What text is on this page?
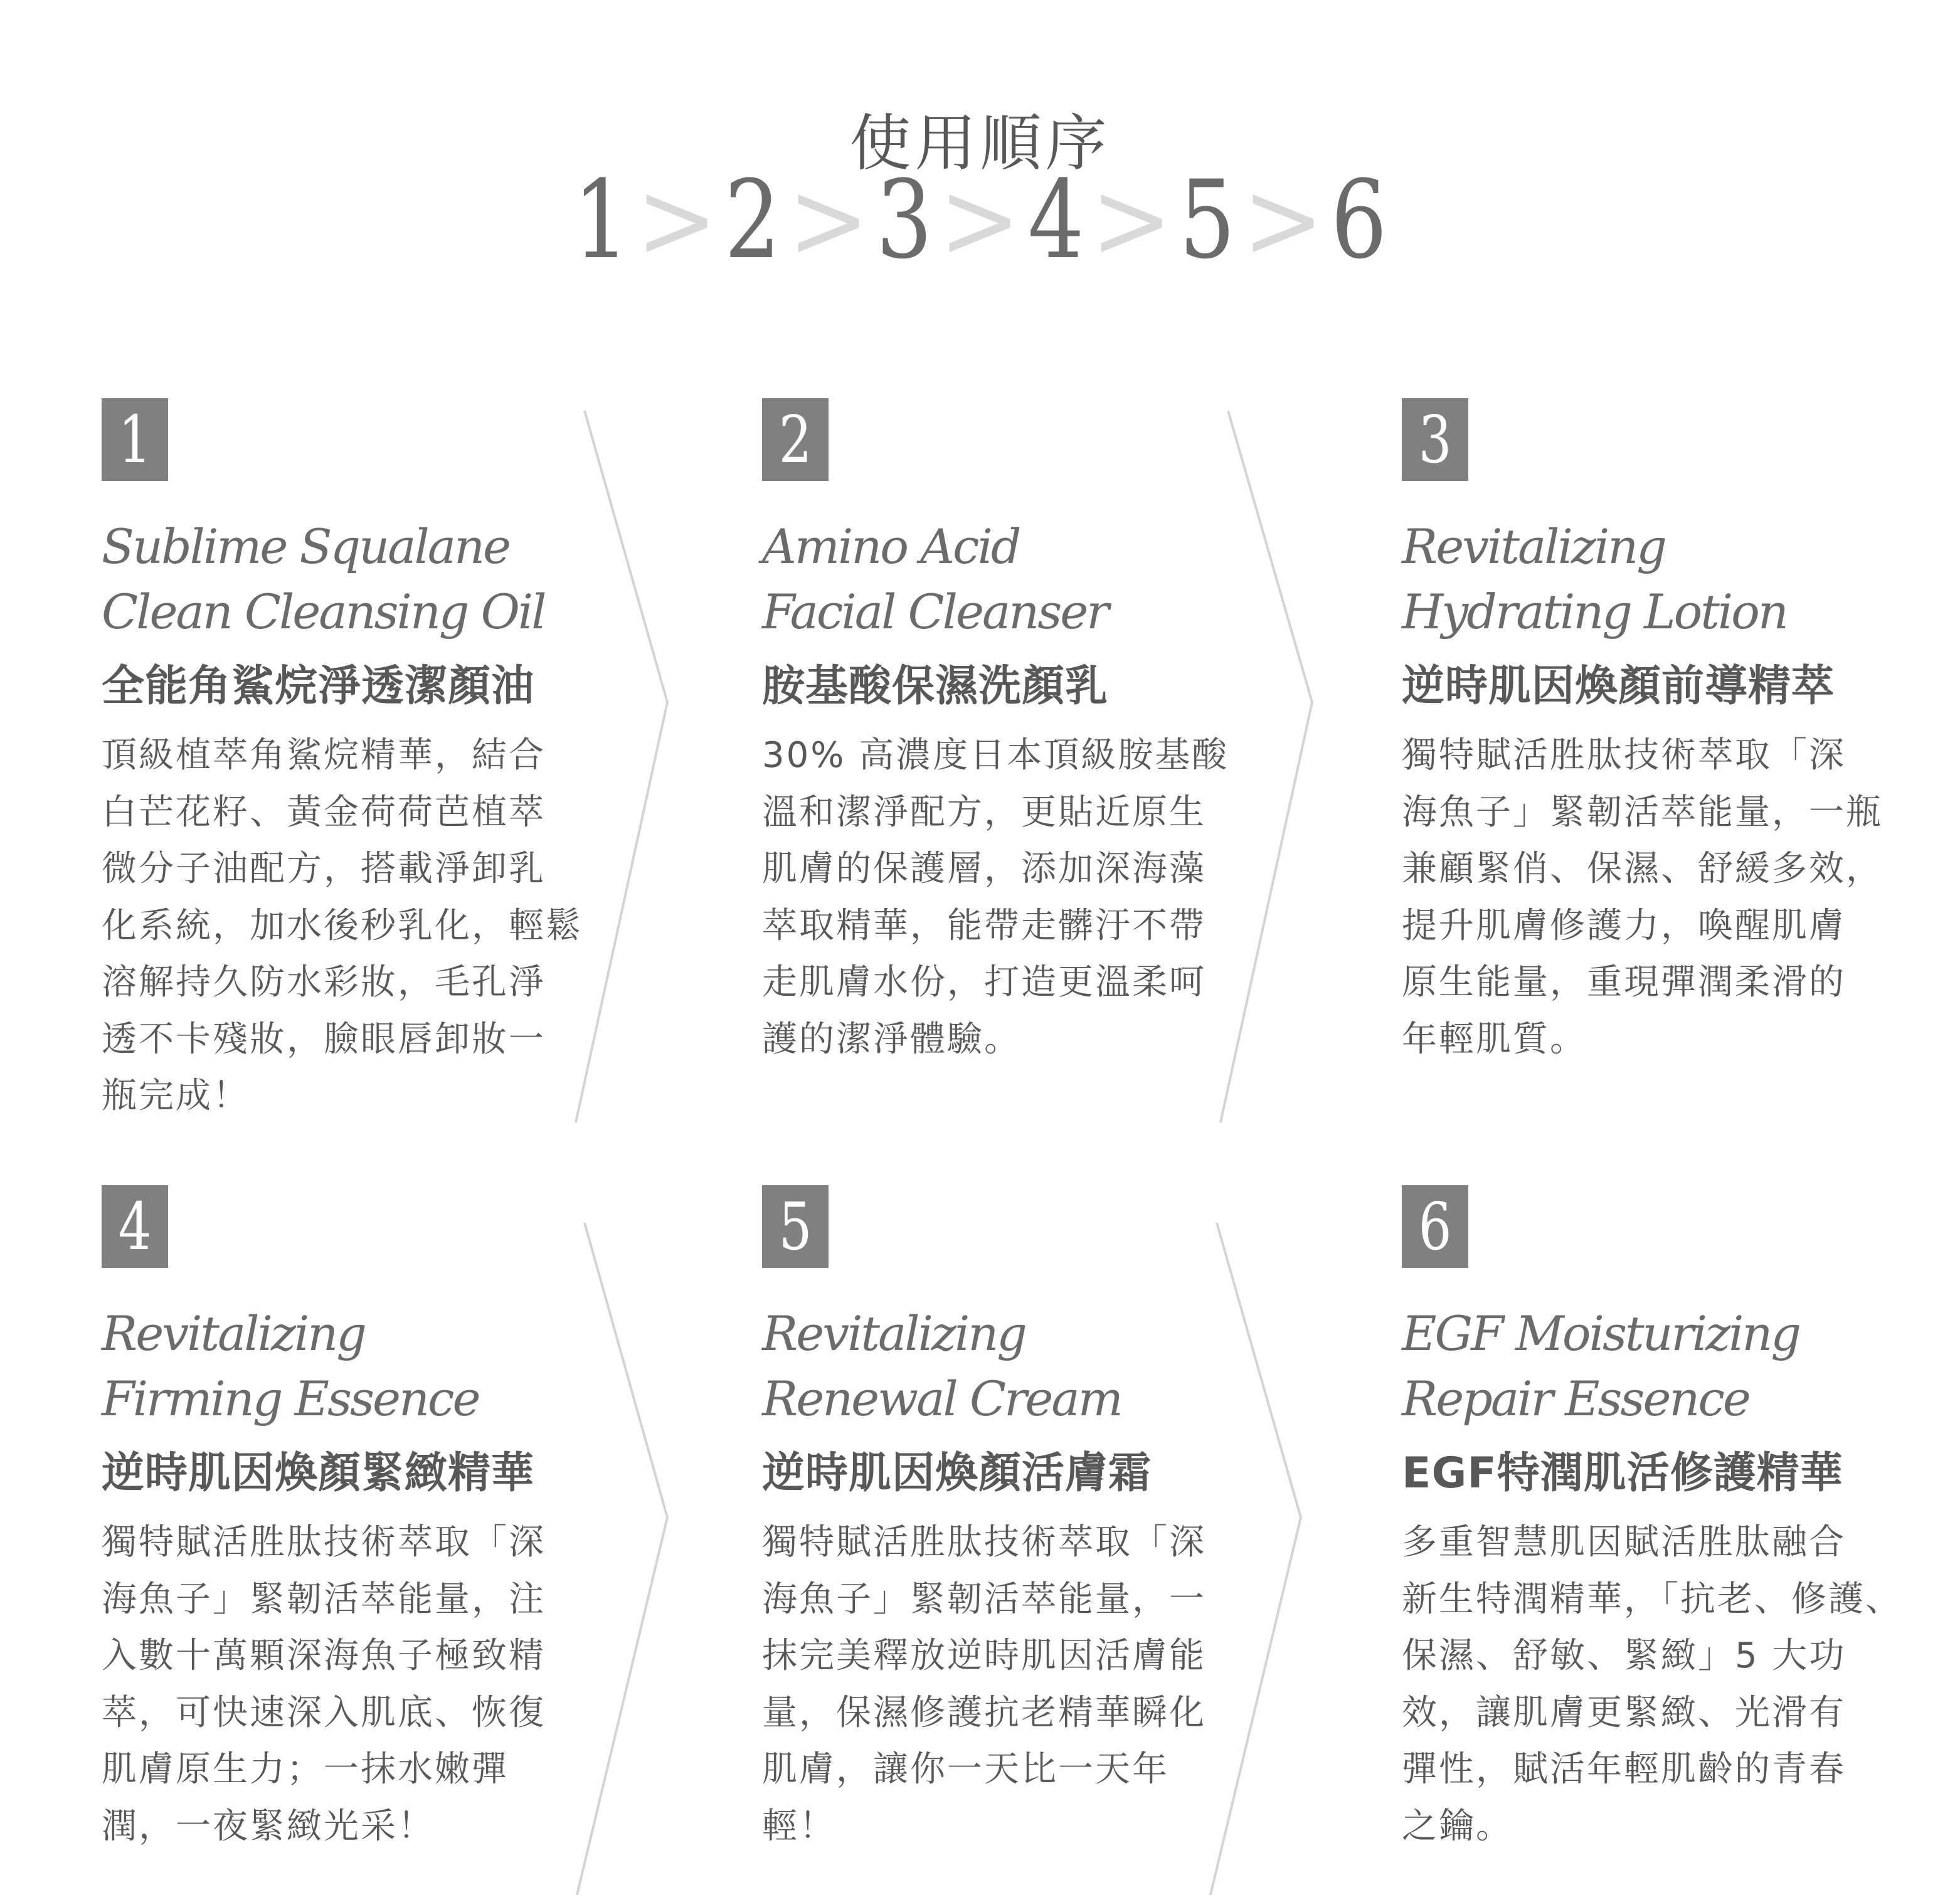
使用順序
1>2>3>4>5>6
1
Sublime Squalane
Clean Cleansing Oil
全能角鯊烷淨透潔顏油
頂級植萃角鯊烷精華，結合
白芒花籽、黃金荷荷芭植萃
微分子油配方，搭載淨卸乳
化系統，加水後秒乳化，輕鬆
溶解持久防水彩妝，毛孔淨
透不卡殘妝，臉眼唇卸妝一
瓶完成！
2
Amino Acid
Facial Cleanser
胺基酸保濕洗顏乳
30% 高濃度日本頂級胺基酸
溫和潔淨配方，更貼近原生
肌膚的保護層，添加深海藻
萃取精華，能帶走髒汙不帶
走肌膚水份，打造更溫柔呵
護的潔淨體驗。
3
Revitalizing
Hydrating Lotion
逆時肌因煥顏前導精萃
獨特賦活胜肽技術萃取「深
海魚子」緊韌活萃能量，一瓶
兼顧緊俏、保濕、舒緩多效，
提升肌膚修護力，喚醒肌膚
原生能量，重現彈潤柔滑的
年輕肌質。
4
Revitalizing
Firming Essence
逆時肌因煥顏緊緻精華
獨特賦活胜肽技術萃取「深
海魚子」緊韌活萃能量，注
入數十萬顆深海魚子極致精
萃，可快速深入肌底、恢復
肌膚原生力；一抹水嫩彈
潤，一夜緊緻光采！
5
Revitalizing
Renewal Cream
逆時肌因煥顏活膚霜
獨特賦活胜肽技術萃取「深
海魚子」緊韌活萃能量，一
抹完美釋放逆時肌因活膚能
量，保濕修護抗老精華瞬化
肌膚，讓你一天比一天年
輕！
6
EGF Moisturizing
Repair Essence
EGF特潤肌活修護精華
多重智慧肌因賦活胜肽融合
新生特潤精華，「抗老、修護、
保濕、舒敏、緊緻」5 大功
效，讓肌膚更緊緻、光滑有
彈性，賦活年輕肌齡的青春
之鑰。
